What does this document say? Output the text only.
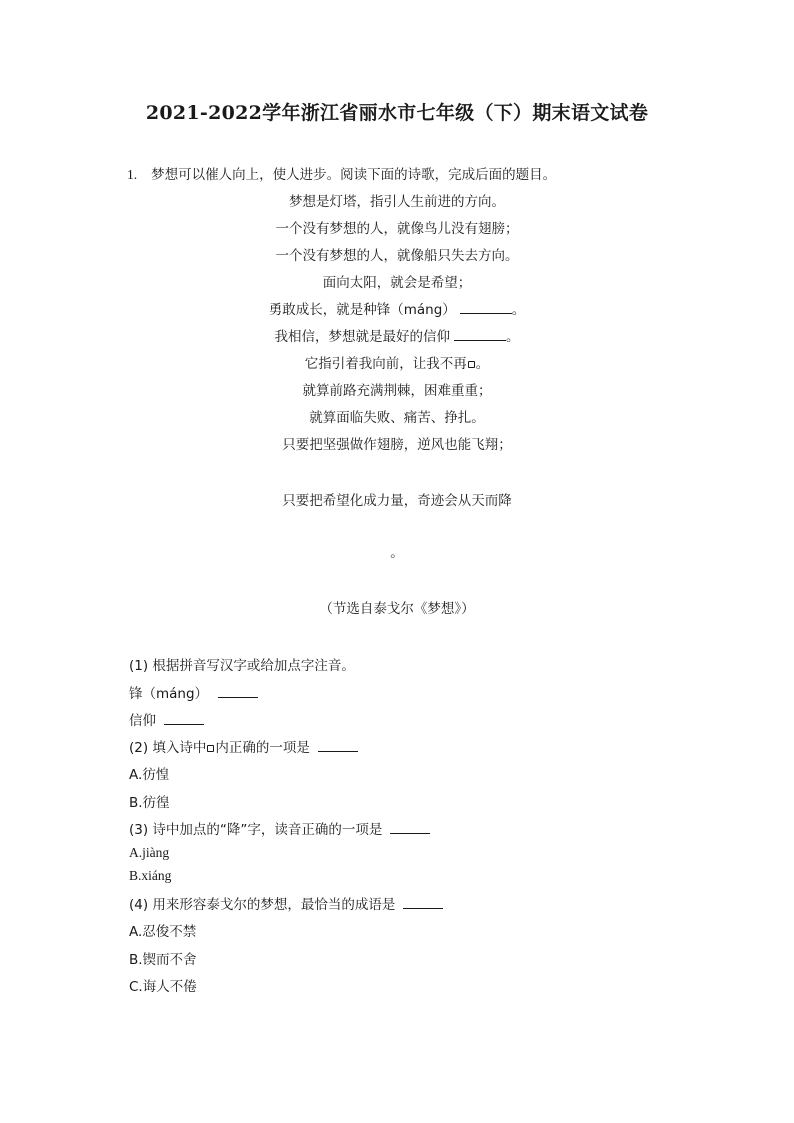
2021-2022学年浙江省丽水市七年级（下）期末语文试卷
1. 梦想可以催人向上，使人进步。阅读下面的诗歌，完成后面的题目。
梦想是灯塔，指引人生前进的方向。
一个没有梦想的人，就像鸟儿没有翅膀；
一个没有梦想的人，就像船只失去方向。
面向太阳，就会是希望；
勇敢成长，就是种锋（máng）	。
我相信，梦想就是最好的信仰	。
它指引着我向前，让我不再 。
就算前路充满荆棘，困难重重；
就算面临失败、痛苦、挣扎。
只要把坚强做作翅膀，逆风也能飞翔；
只要把希望化成力量，奇迹会从天而降
。
（节选自泰戈尔《梦想》）
(1) 根据拼音写汉字或给加点字注音。
锋（máng）
信仰
(2) 填入诗中 内正确的一项是
A.彷惶
B.彷徨
(3) 诗中加点的“降”字，读音正确的一项是
A.jiàng
B.xiáng
(4) 用来形容泰戈尔的梦想，最恰当的成语是
A.忍俊不禁
B.锲而不舍
C.诲人不倦
